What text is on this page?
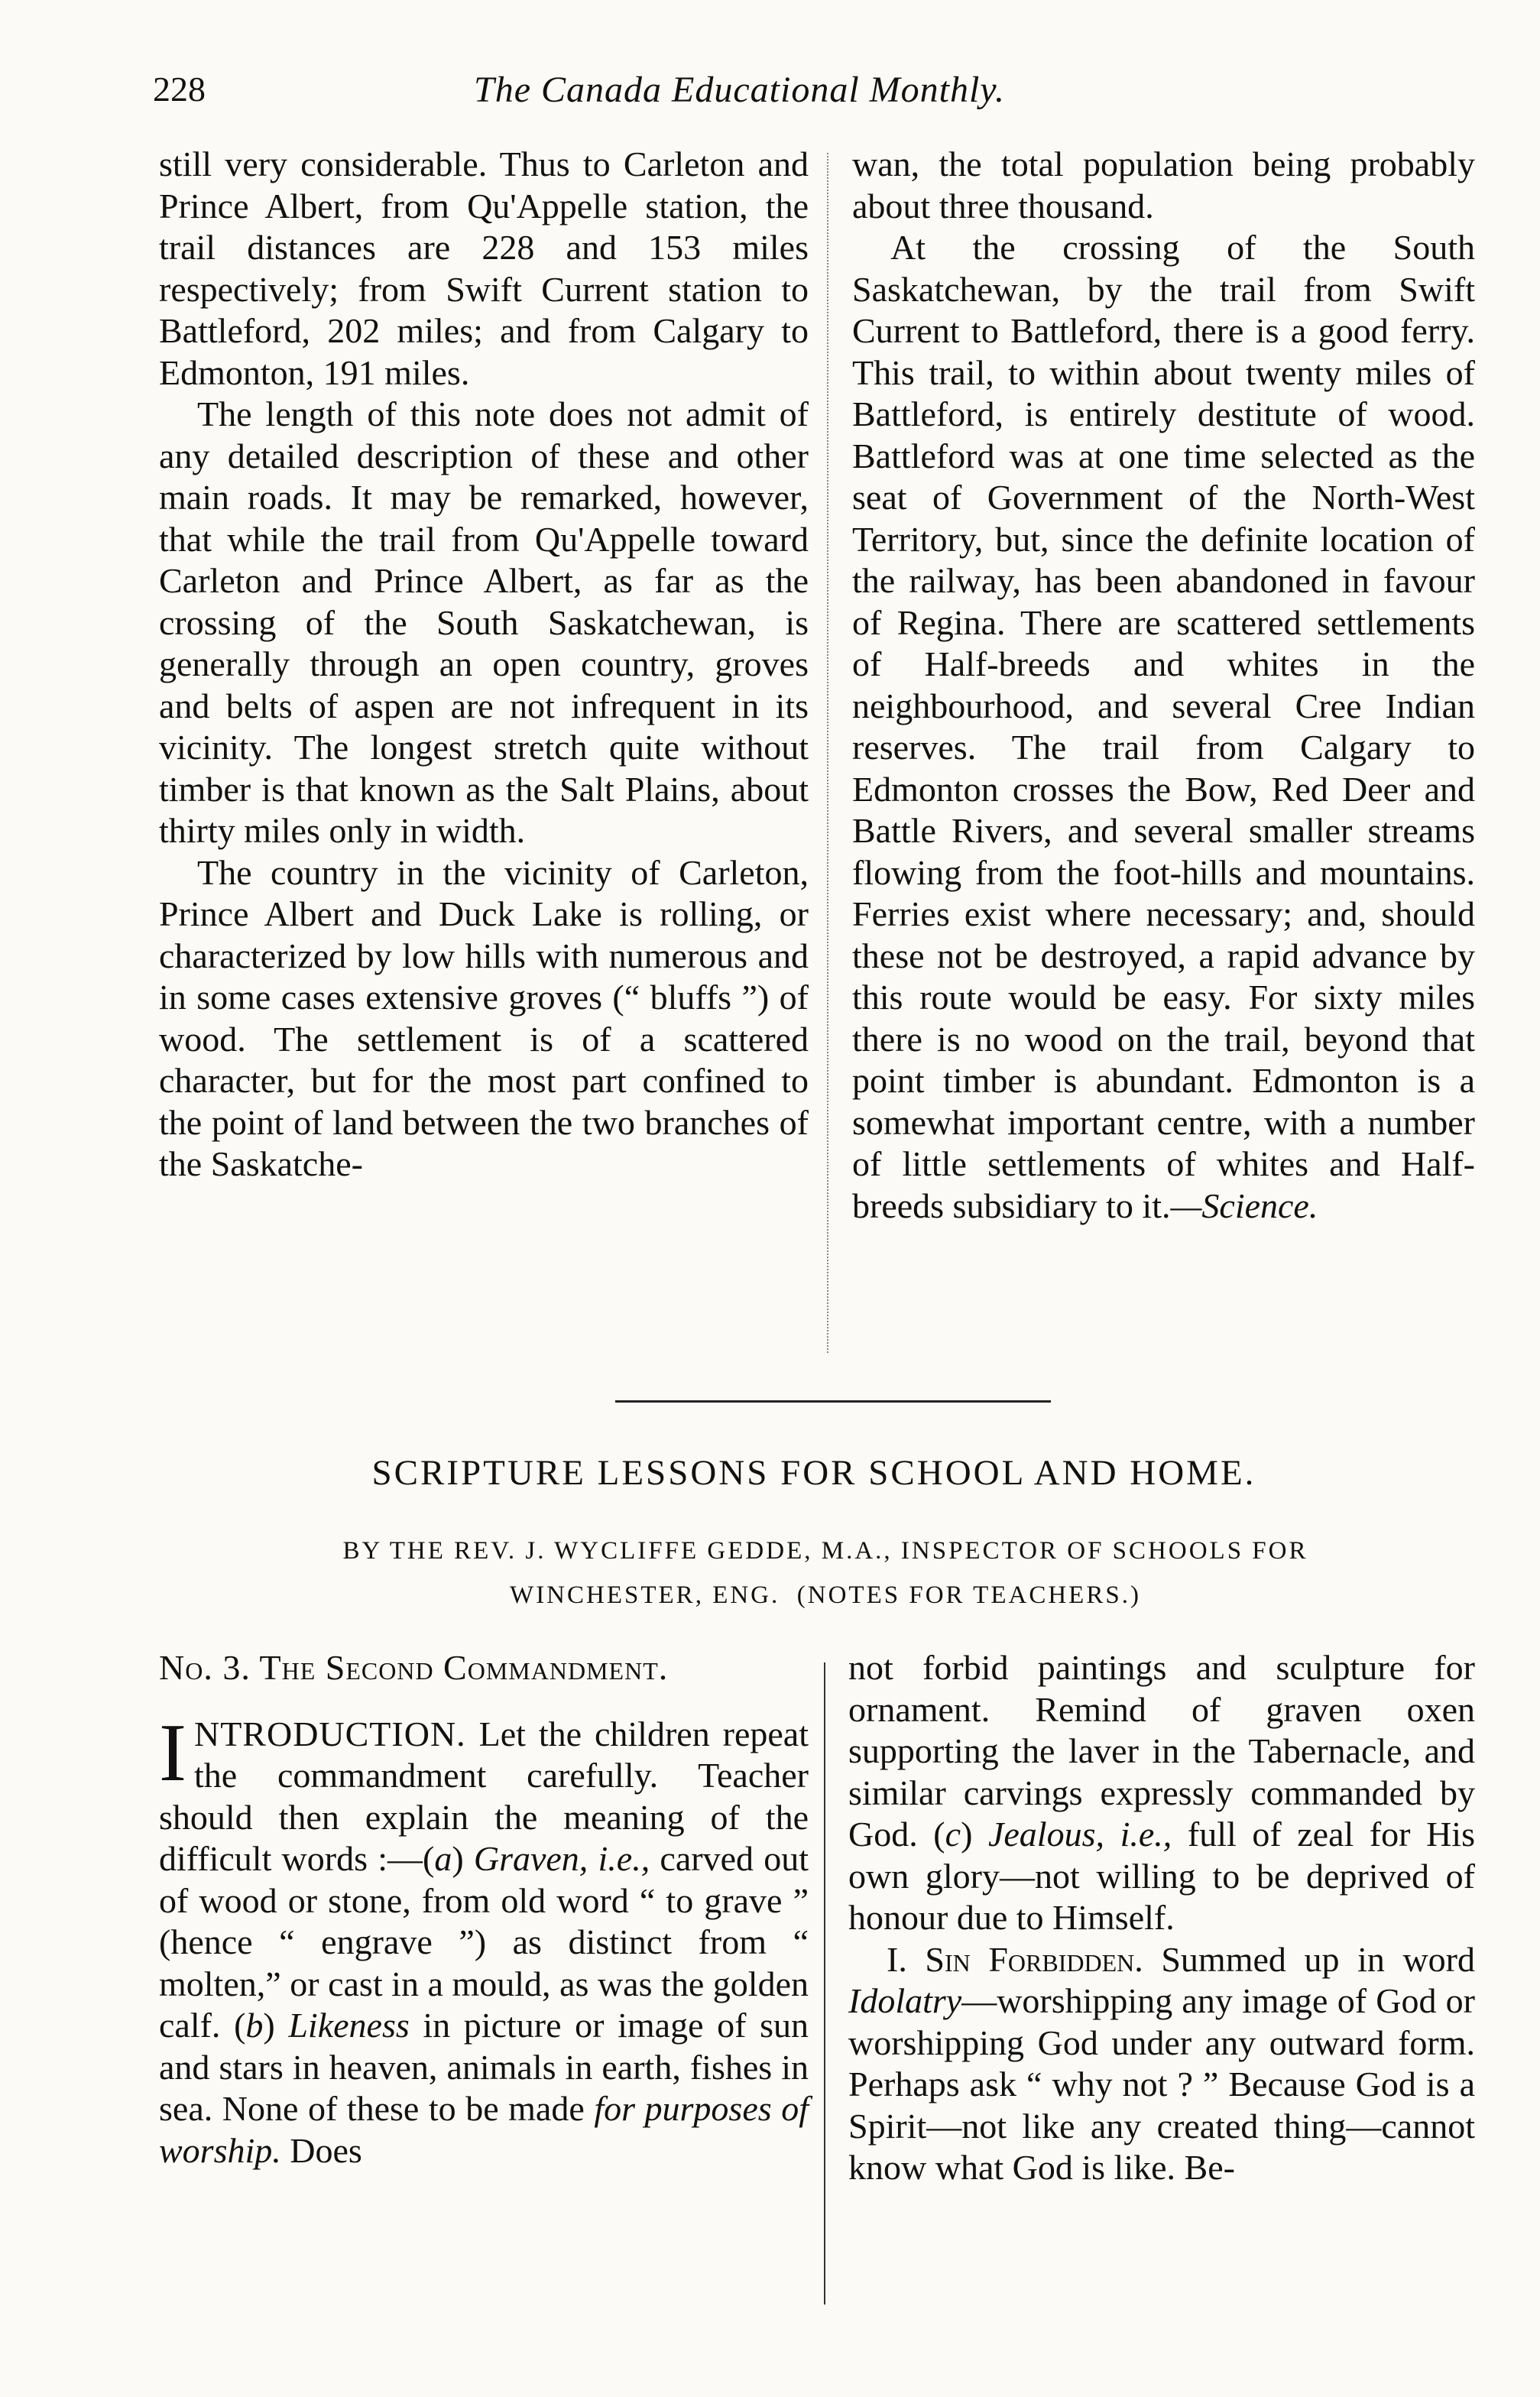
228	The Canada Educational Monthly.

still very considerable. Thus to Carleton and Prince Albert, from Qu'Appelle station, the trail distances are 228 and 153 miles respectively; from Swift Current station to Battleford, 202 miles; and from Calgary to Edmonton, 191 miles.

The length of this note does not admit of any detailed description of these and other main roads. It may be remarked, however, that while the trail from Qu'Appelle toward Carleton and Prince Albert, as far as the crossing of the South Saskatchewan, is generally through an open country, groves and belts of aspen are not infrequent in its vicinity. The longest stretch quite without timber is that known as the Salt Plains, about thirty miles only in width.

The country in the vicinity of Carleton, Prince Albert and Duck Lake is rolling, or characterized by low hills with numerous and in some cases extensive groves (“ bluffs ”) of wood. The settlement is of a scattered character, but for the most part confined to the point of land between the two branches of the Saskatche-

wan, the total population being probably about three thousand.

At the crossing of the South Saskatchewan, by the trail from Swift Current to Battleford, there is a good ferry. This trail, to within about twenty miles of Battleford, is entirely destitute of wood. Battleford was at one time selected as the seat of Government of the North-West Territory, but, since the definite location of the railway, has been abandoned in favour of Regina. There are scattered settlements of Half-breeds and whites in the neighbourhood, and several Cree Indian reserves. The trail from Calgary to Edmonton crosses the Bow, Red Deer and Battle Rivers, and several smaller streams flowing from the foot-hills and mountains. Ferries exist where necessary; and, should these not be destroyed, a rapid advance by this route would be easy. For sixty miles there is no wood on the trail, beyond that point timber is abundant. Edmonton is a somewhat important centre, with a number of little settlements of whites and Half-breeds subsidiary to it.—Science.

SCRIPTURE LESSONS FOR SCHOOL AND HOME.
BY THE REV. J. WYCLIFFE GEDDE, M.A., INSPECTOR OF SCHOOLS FOR
WINCHESTER, ENG.  (NOTES FOR TEACHERS.)

No. 3. The Second Commandment.

INTRODUCTION. Let the children repeat the commandment carefully. Teacher should then explain the meaning of the difficult words :—(a) Graven, i.e., carved out of wood or stone, from old word “ to grave ” (hence “ engrave ”) as distinct from “ molten,” or cast in a mould, as was the golden calf. (b) Likeness in picture or image of sun and stars in heaven, animals in earth, fishes in sea. None of these to be made for purposes of worship. Does

not forbid paintings and sculpture for ornament. Remind of graven oxen supporting the laver in the Tabernacle, and similar carvings expressly commanded by God. (c) Jealous, i.e., full of zeal for His own glory—not willing to be deprived of honour due to Himself.

I. Sin Forbidden. Summed up in word Idolatry—worshipping any image of God or worshipping God under any outward form. Perhaps ask “ why not ? ” Because God is a Spirit—not like any created thing—cannot know what God is like. Be-
